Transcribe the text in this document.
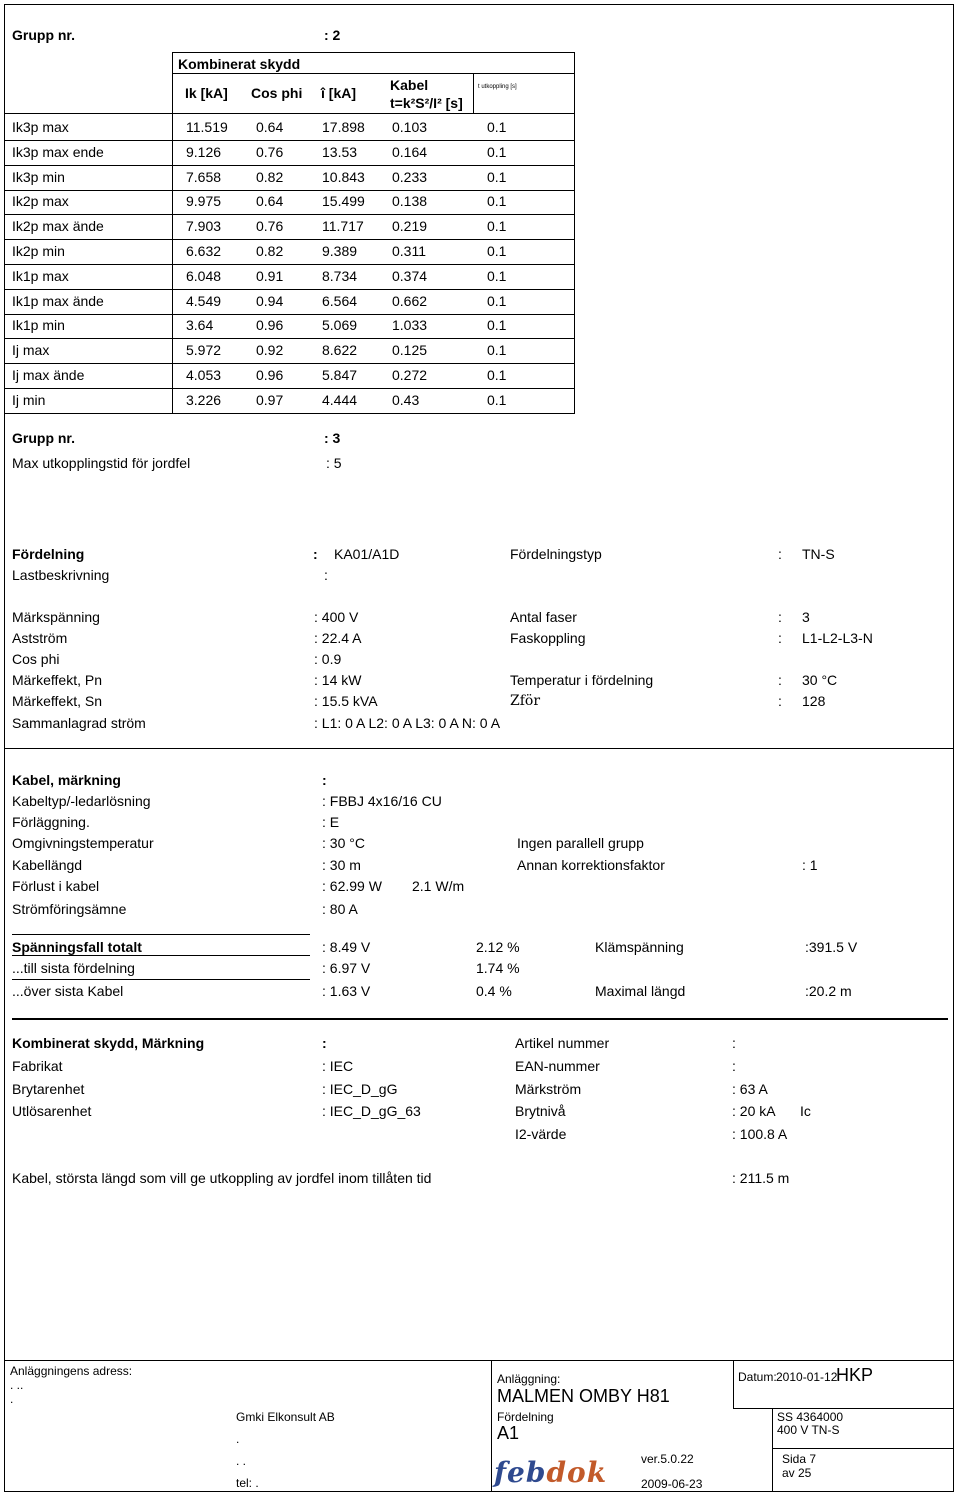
Grupp nr.	: 2
Kombinerat skydd
Ik [kA] Cos phi î [kA] Kabel
t=k²S²/I² [s]
t utkoppling [s]
Ik3p max	11.519 0.64	17.898 0.103	0.1
Ik3p max ende	9.126 0.76	13.53 0.164	0.1
Ik3p min	7.658 0.82	10.843 0.233	0.1
Ik2p max	9.975 0.64	15.499 0.138	0.1
Ik2p max ände	7.903 0.76	11.717 0.219	0.1
Ik2p min	6.632 0.82	9.389 0.311	0.1
Ik1p max	6.048 0.91	8.734 0.374	0.1
Ik1p max ände	4.549 0.94	6.564 0.662	0.1
Ik1p min	3.64	0.96	5.069 1.033	0.1
Ij max	5.972 0.92	8.622 0.125	0.1
Ij max ände	4.053 0.96	5.847 0.272	0.1
Ij min	3.226 0.97	4.444 0.43	0.1
Grupp nr.	: 3
Max utkopplingstid för jordfel	: 5
Fördelning	: KA01/A1D	Fördelningstyp	: TN-S
Lastbeskrivning	:
Märkspänning	: 400 V
Astström	: 22.4 A
Cos phi	: 0.9
Märkeffekt, Pn	: 14 kW
Märkeffekt, Sn	: 15.5 kVA
Antal faser	: 3
Faskoppling	: L1-L2-L3-N
Temperatur i fördelning	: 30 °C
Zför	: 128
Sammanlagrad ström	: L1: 0 A L2: 0 A L3: 0 A N: 0 A
Kabel, märkning	:
Kabeltyp/-ledarlösning	: FBBJ 4x16/16 CU
Förläggning.	: E
Omgivningstemperatur	: 30 °C
Kabellängd	: 30 m
Förlust i kabel	: 62.99 W
Strömföringsämne	: 80 A
Ingen parallell grupp
Annan korrektionsfaktor	: 1
2.1 W/m
Spänningsfall totalt	: 8.49 V	2.12 %	Klämspänning	:391.5 V
...till sista fördelning	: 6.97 V	1.74 %
...över sista Kabel	: 1.63 V	0.4 %	Maximal längd	:20.2 m
Kombinerat skydd, Märkning	:
Fabrikat	: IEC
Brytarenhet	: IEC_D_gG
Utlösarenhet	: IEC_D_gG_63
Artikel nummer	:
EAN-nummer	:
Märkström	: 63 A
Brytnivå	: 20 kA
I2-värde	: 100.8 A
Ic
Kabel, största längd som vill ge utkoppling av jordfel inom tillåten tid	: 211.5 m
Anläggningens adress:
. ..
.
Gmki Elkonsult AB
.
. .
tel: .
Anläggning:
MALMEN OMBY H81
Fördelning
A1
Datum: 2010-01-12
HKP
SS 4364000
400 V TN-S
ver.5.0.22
2009-06-23
Sida 7
av 25
febdok
